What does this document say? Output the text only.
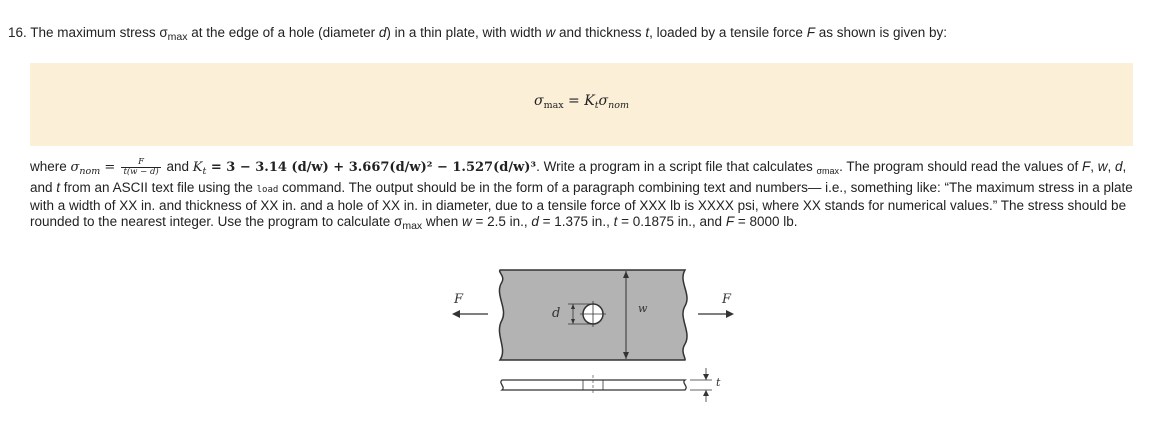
16. The maximum stress $\sigma_{max}$ at the edge of a hole (diameter d) in a thin plate, with width w and thickness t, loaded by a tensile force F as shown is given by:
$\sigma_{max} = K_t\sigma_{nom}$
where $\sigma_{nom} = \frac{F}{t(w - d)}$ and $K_t = 3 - 3.14$ (d/w) + 3.667(d/w)² − 1.527(d/w)³. Write a program in a script file that calculates $_{\sigma max}$. The program should read the values of F, w, d, and t from an ASCII text file using the load command. The output should be in the form of a paragraph combining text and numbers— i.e., something like: “The maximum stress in a plate with a width of XX in. and thickness of XX in. and a hole of XX in. in diameter, due to a tensile force of XXX lb is XXXX psi, where XX stands for numerical values.” The stress should be rounded to the nearest integer. Use the program to calculate $\sigma_{max}$ when w = 2.5 in., d = 1.375 in., t = 0.1875 in., and F = 8000 lb.
F	F
d	w
t
